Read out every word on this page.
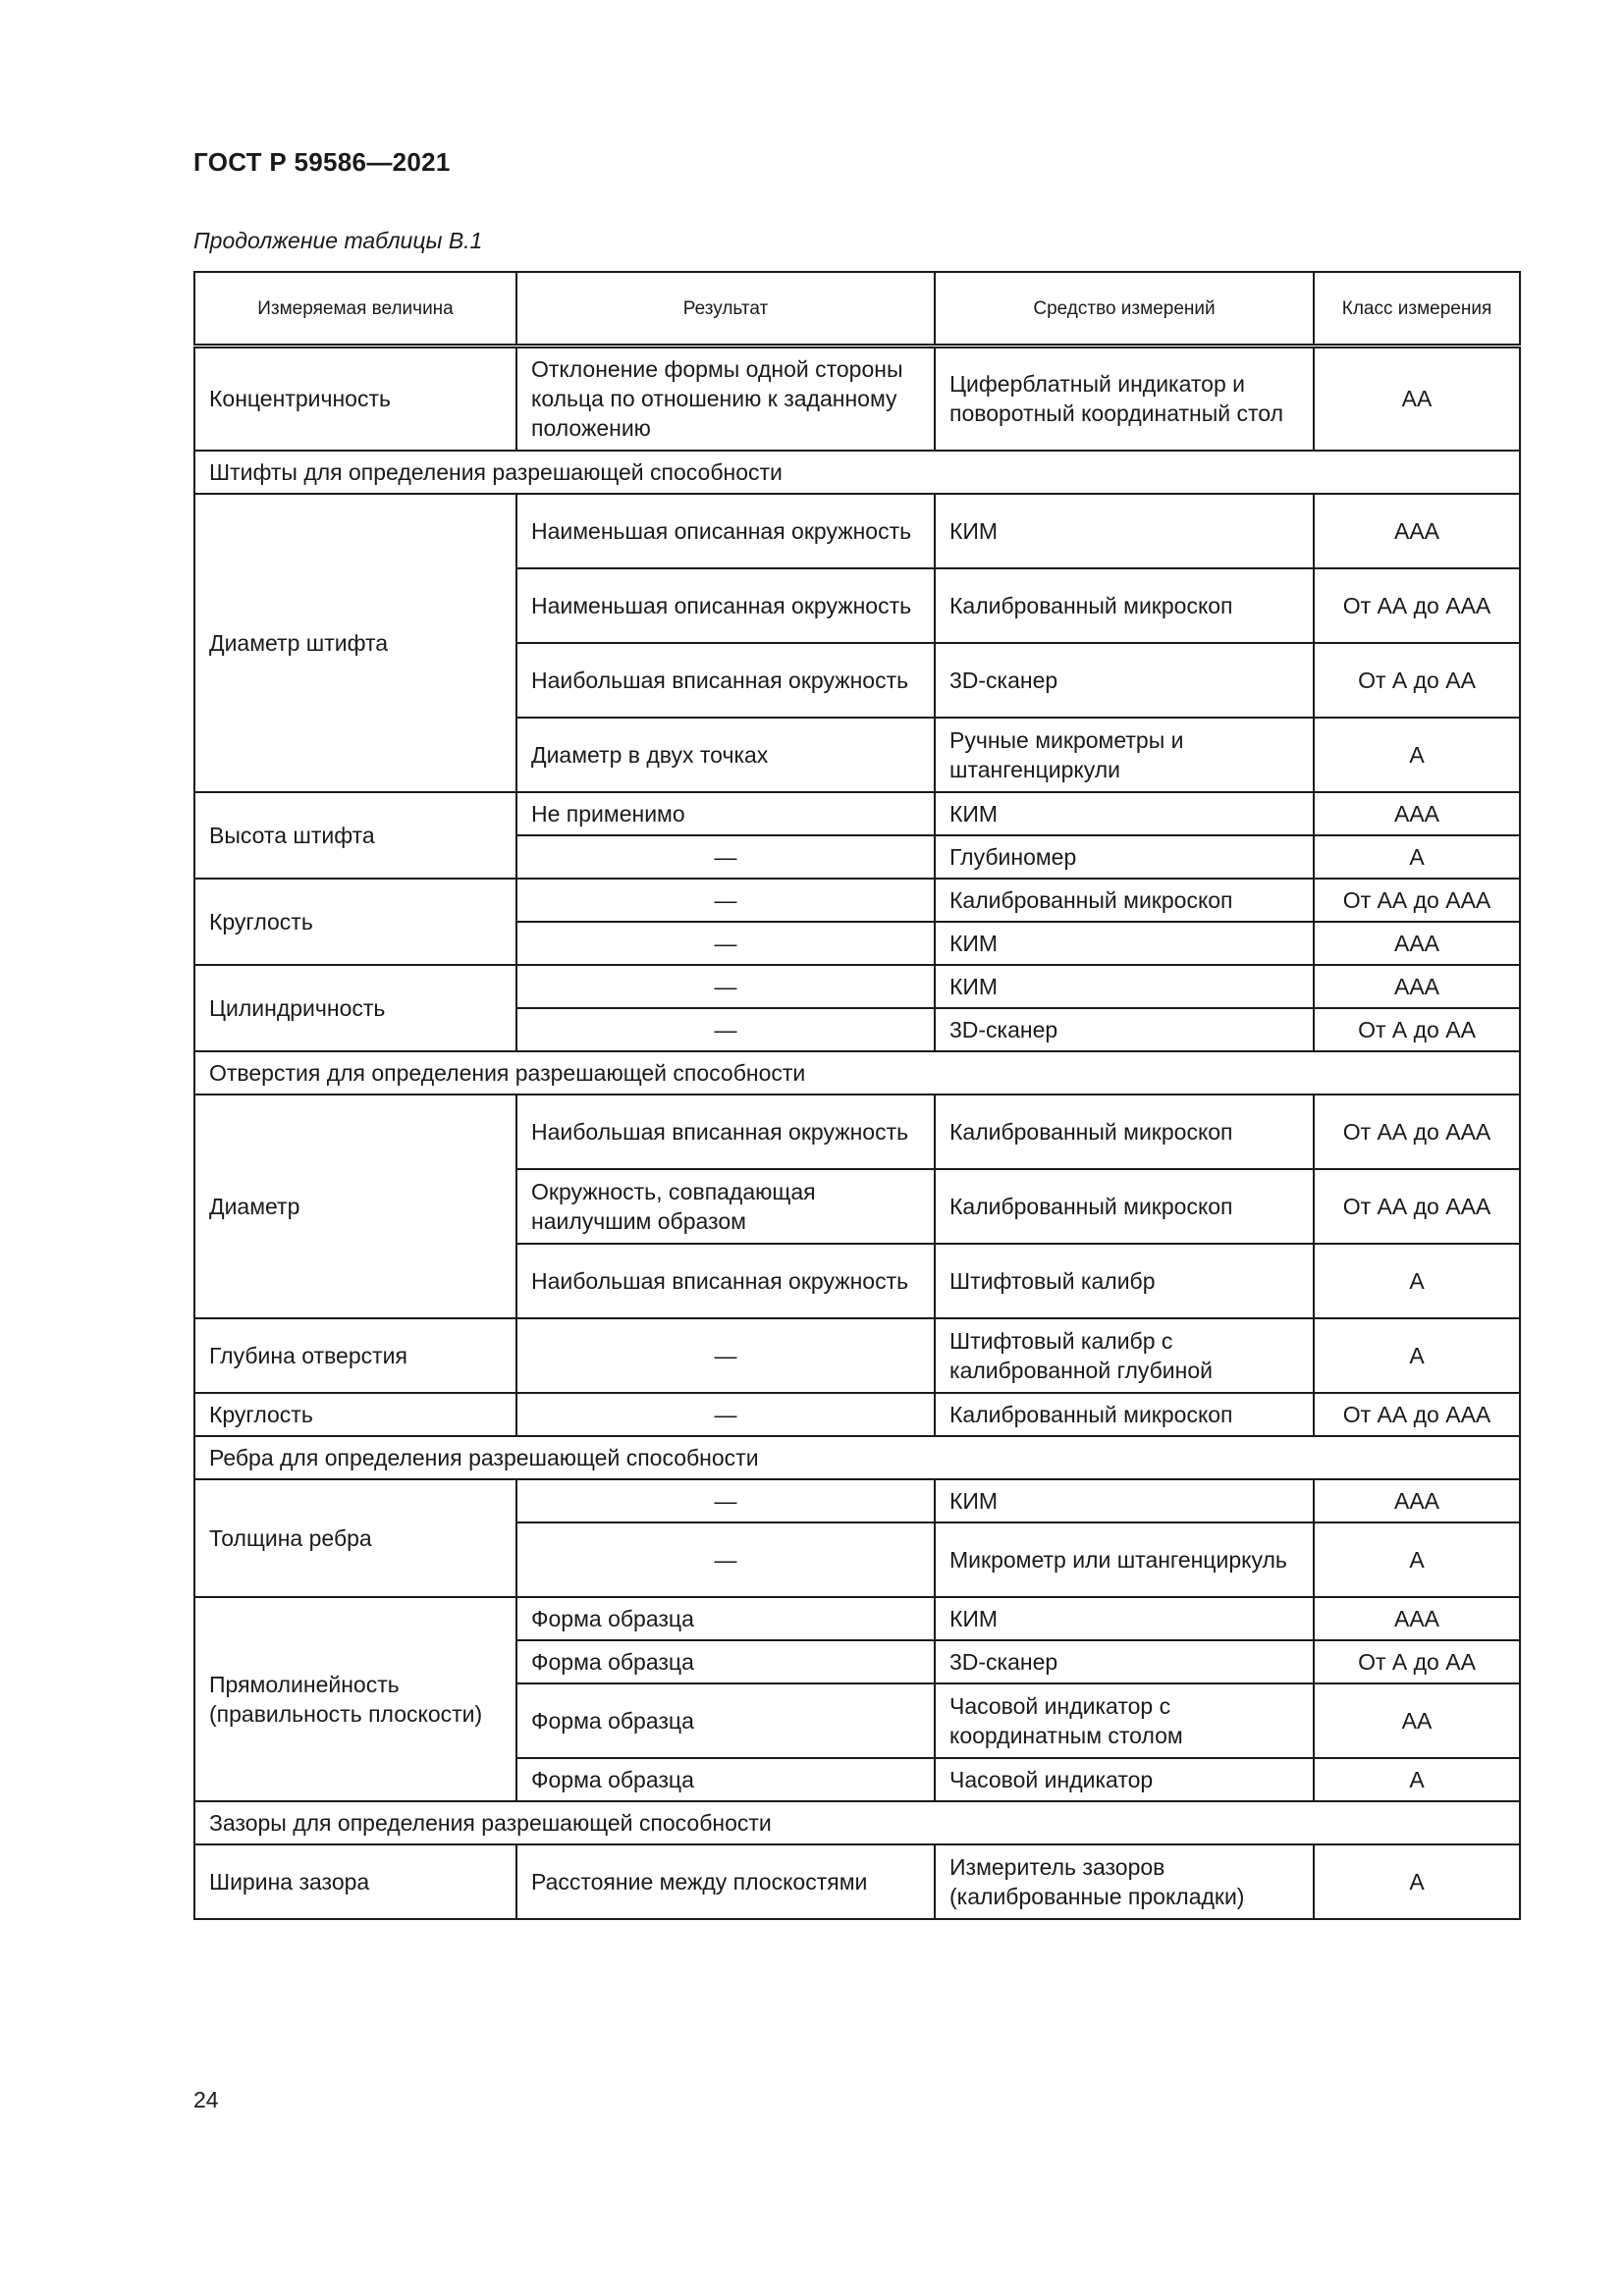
ГОСТ Р 59586—2021
Продолжение таблицы В.1
Измеряемая величина	Результат	Средство измерений	Класс измерения
Концентричность	Отклонение формы одной стороны кольца по отношению к заданному положению	Циферблатный индикатор и поворотный координатный стол	АА
Штифты для определения разрешающей способности			
Диаметр штифта	Наименьшая описанная окружность	КИМ	ААА
	Наименьшая описанная окружность	Калиброванный микроскоп	От АА до ААА
	Наибольшая вписанная окружность	3D-сканер	От А до АА
	Диаметр в двух точках	Ручные микрометры и штангенциркули	А
Высота штифта	Не применимо	КИМ	ААА
	—	Глубиномер	А
Круглость	—	Калиброванный микроскоп	От АА до ААА
	—	КИМ	ААА
Цилиндричность	—	КИМ	ААА
	—	3D-сканер	От А до АА
Отверстия для определения разрешающей способности			
Диаметр	Наибольшая вписанная окружность	Калиброванный микроскоп	От АА до ААА
	Окружность, совпадающая наилучшим образом	Калиброванный микроскоп	От АА до ААА
	Наибольшая вписанная окружность	Штифтовый калибр	А
Глубина отверстия	—	Штифтовый калибр с калиброванной глубиной	А
Круглость	—	Калиброванный микроскоп	От АА до ААА
Ребра для определения разрешающей способности			
Толщина ребра	—	КИМ	ААА
	—	Микрометр или штангенциркуль	А
Прямолинейность (правильность плоскости)	Форма образца	КИМ	ААА
	Форма образца	3D-сканер	От А до АА
	Форма образца	Часовой индикатор с координатным столом	АА
	Форма образца	Часовой индикатор	А
Зазоры для определения разрешающей способности			
Ширина зазора	Расстояние между плоскостями	Измеритель зазоров (калиброванные прокладки)	А
24
